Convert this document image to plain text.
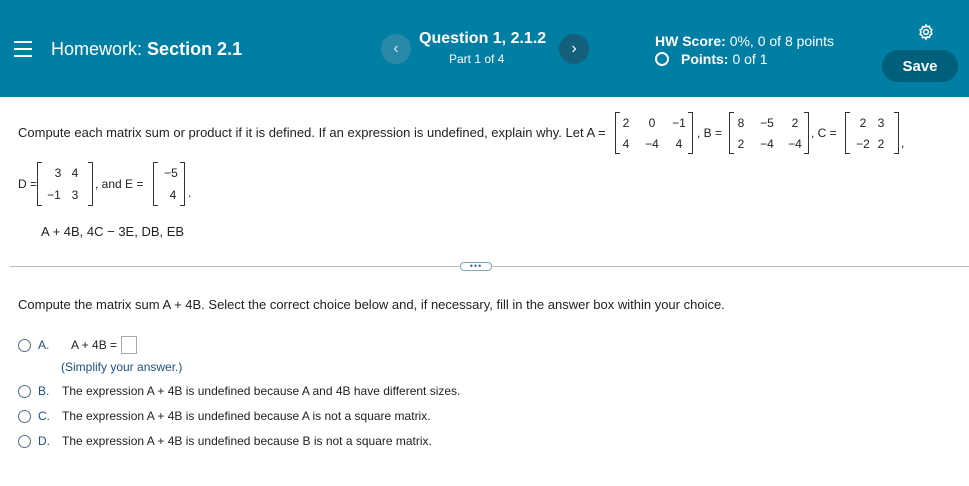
Homework: Section 2.1	‹
Question 1, 2.1.2
Part 1 of 4
›	HW Score: 0%, 0 of 8 points
Points: 0 of 1	Save
Compute each matrix sum or product if it is defined. If an expression is undefined, explain why. Let A =
2	0	−1
4	−4	4
, B =
8	−5	2
2	−4 −4
, C =
2 3
−2 2	,
D =
3 4
−1 3
, and E =
−5
4 .
A + 4B, 4C − 3E, DB, EB
•••
Compute the matrix sum A + 4B. Select the correct choice below and, if necessary, fill in the answer box within your choice.
A. A + 4B =
(Simplify your answer.)
B. The expression A + 4B is undefined because A and 4B have different sizes.
C. The expression A + 4B is undefined because A is not a square matrix.
D. The expression A + 4B is undefined because B is not a square matrix.
